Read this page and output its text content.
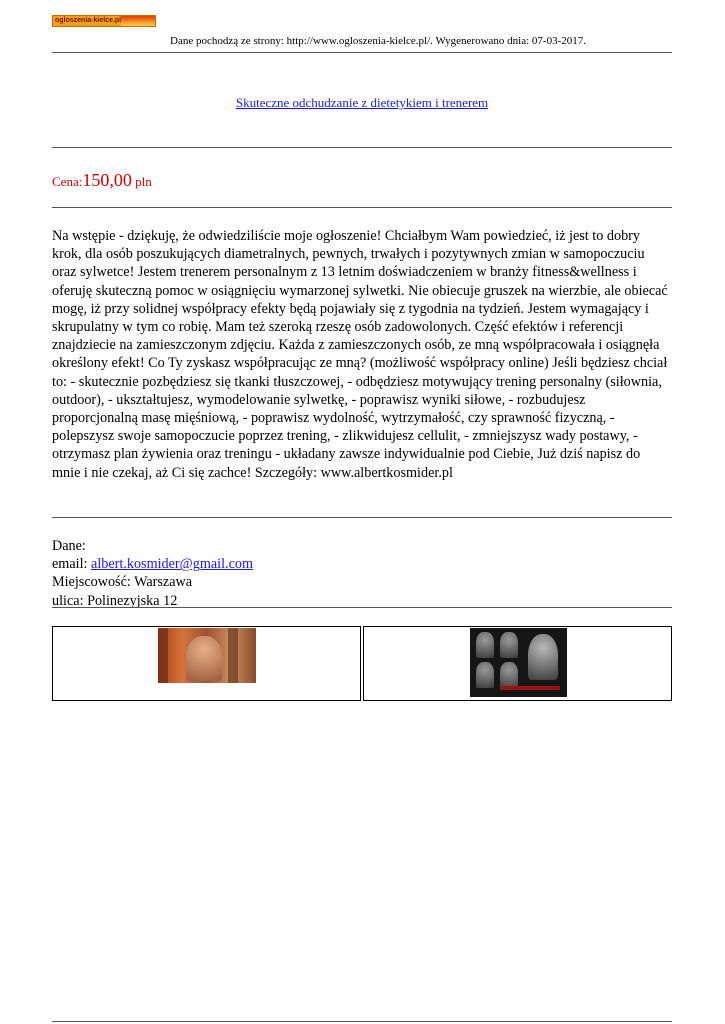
ogloszenia-kielce.pl
Dane pochodzą ze strony: http://www.ogloszenia-kielce.pl/. Wygenerowano dnia: 07-03-2017.
Skuteczne odchudzanie z dietetykiem i trenerem
Cena:150,00 pln

Na wstępie - dziękuję, że odwiedziliście moje ogłoszenie! Chciałbym Wam powiedzieć, iż jest to dobry krok, dla osób poszukujących diametralnych, pewnych, trwałych i pozytywnych zmian w samopoczuciu oraz sylwetce! Jestem trenerem personalnym z 13 letnim doświadczeniem w branży fitness&wellness i oferuję skuteczną pomoc w osiągnięciu wymarzonej sylwetki. Nie obiecuje gruszek na wierzbie, ale obiecać mogę, iż przy solidnej współpracy efekty będą pojawiały się z tygodnia na tydzień. Jestem wymagający i skrupulatny w tym co robię. Mam też szeroką rzeszę osób zadowolonych. Część efektów i referencji znajdziecie na zamieszczonym zdjęciu. Każda z zamieszczonych osób, ze mną współpracowała i osiągnęła określony efekt! Co Ty zyskasz współpracując ze mną? (możliwość współpracy online) Jeśli będziesz chciał to: - skutecznie pozbędziesz się tkanki tłuszczowej, - odbędziesz motywujący trening personalny (siłownia, outdoor), - ukształtujesz, wymodelowanie sylwetkę, - poprawisz wyniki siłowe, - rozbudujesz proporcjonalną masę mięśniową, - poprawisz wydolność, wytrzymałość, czy sprawność fizyczną, - polepszysz swoje samopoczucie poprzez trening, - zlikwidujesz cellulit, - zmniejszysz wady postawy, - otrzymasz plan żywienia oraz treningu - układany zawsze indywidualnie pod Ciebie, Już dziś napisz do mnie i nie czekaj, aż Ci się zachce! Szczegóły: www.albertkosmider.pl

Dane:
email: albert.kosmider@gmail.com
Miejscowość: Warszawa
ulica: Polinezyjska 12
